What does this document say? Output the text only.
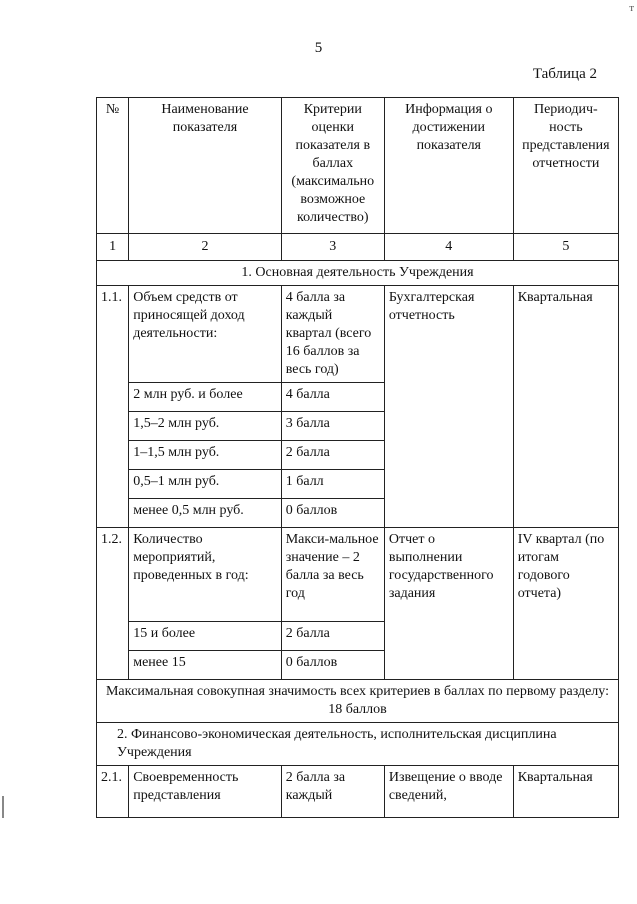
т
5
Таблица 2
№	Наименование показателя	Критерии оценки показателя в баллах (максимально возможное количество)	Информация о достижении показателя	Периодич-ность представления отчетности
1	2	3	4	5
1. Основная деятельность Учреждения				
1.1.	Объем средств от приносящей доход деятельности:	4 балла за каждый квартал (всего 16 баллов за весь год)	Бухгалтерская отчетность	Квартальная
	2 млн руб. и более	4 балла		
	1,5–2 млн руб.	3 балла		
	1–1,5 млн руб.	2 балла		
	0,5–1 млн руб.	1 балл		
	менее 0,5 млн руб.	0 баллов		
1.2.	Количество мероприятий, проведенных в год:	Макси-мальное значение – 2 балла за весь год	Отчет о выполнении государственного задания	IV квартал (по итогам годового отчета)
	15 и более	2 балла		
	менее 15	0 баллов		
Максимальная совокупная значимость всех критериев в баллах по первому разделу: 18 баллов				
2. Финансово-экономическая деятельность, исполнительская дисциплина Учреждения				
2.1.	Своевременность представления	2 балла за каждый	Извещение о вводе сведений,	Квартальная
